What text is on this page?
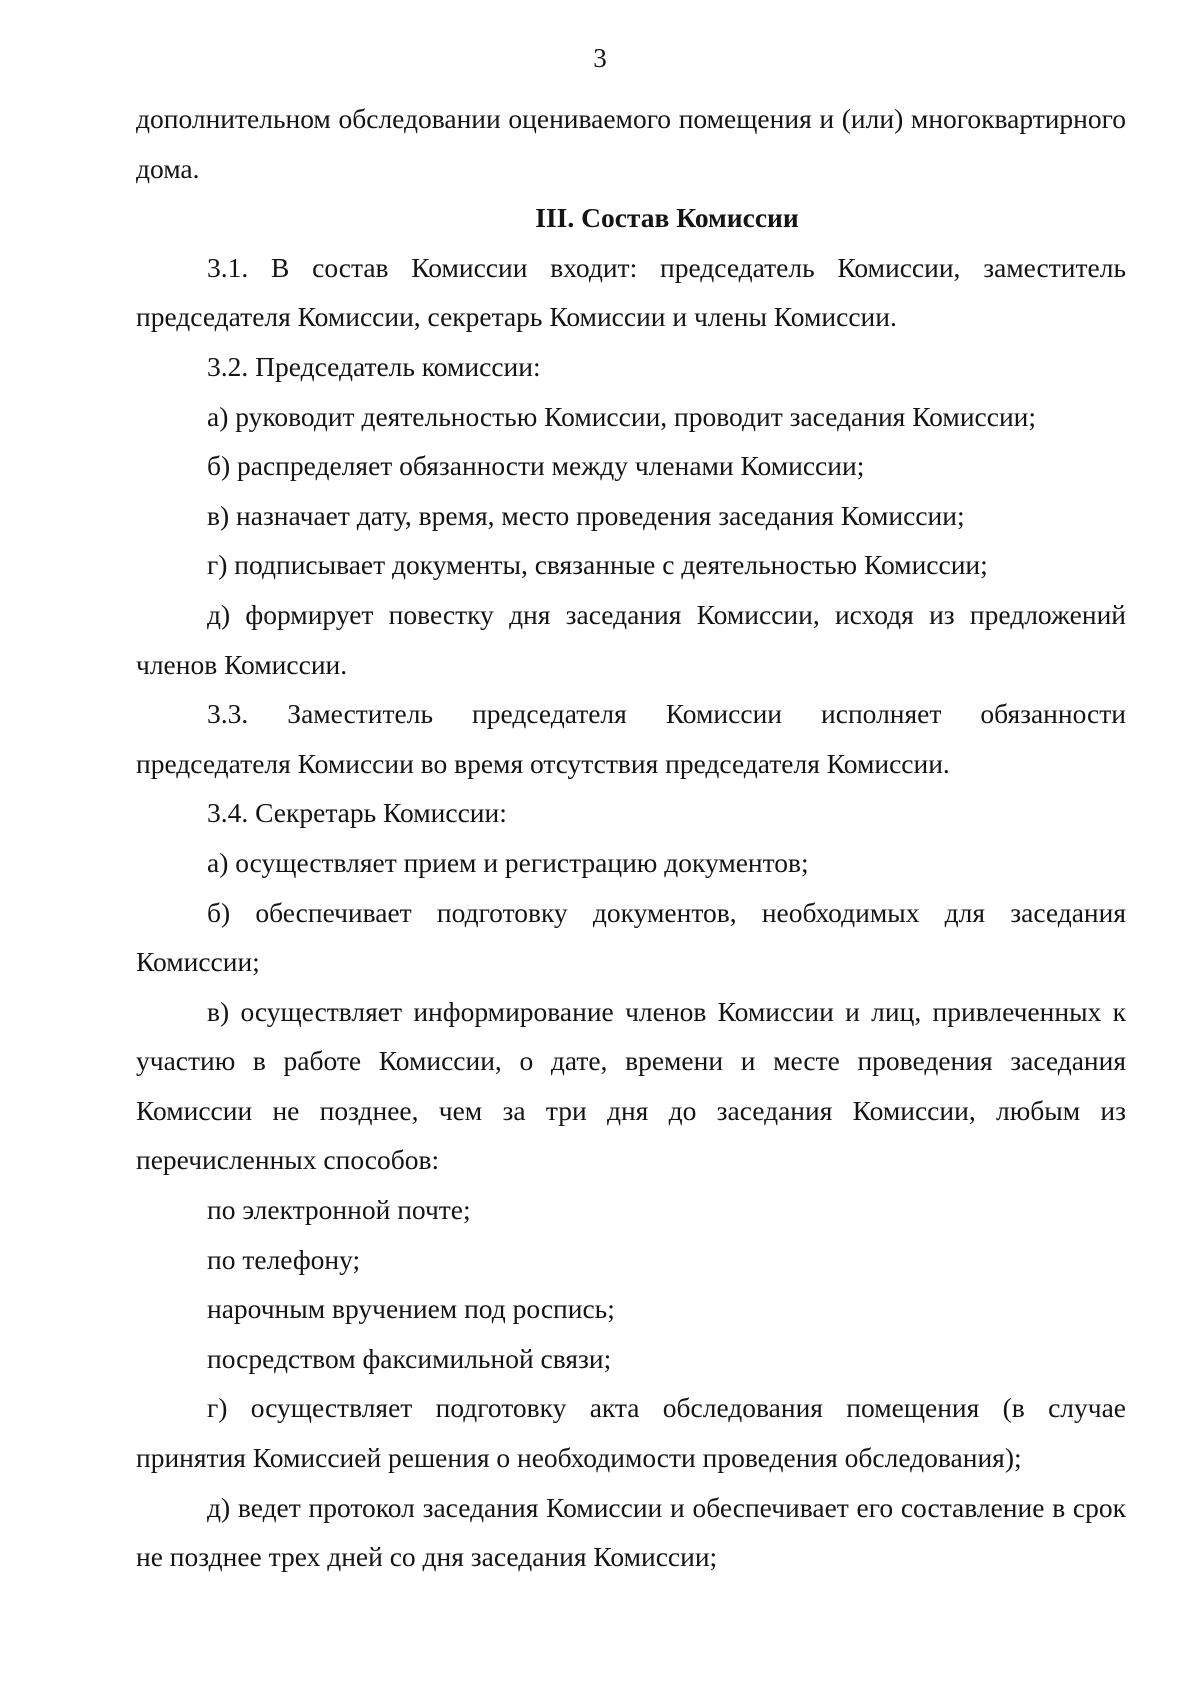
3

дополнительном обследовании оцениваемого помещения и (или) многоквартирного дома.

III. Состав Комиссии

3.1. В состав Комиссии входит: председатель Комиссии, заместитель председателя Комиссии, секретарь Комиссии и члены Комиссии.

3.2. Председатель комиссии:

а) руководит деятельностью Комиссии, проводит заседания Комиссии;

б) распределяет обязанности между членами Комиссии;

в) назначает дату, время, место проведения заседания Комиссии;

г) подписывает документы, связанные с деятельностью Комиссии;

д) формирует повестку дня заседания Комиссии, исходя из предложений членов Комиссии.

3.3. Заместитель председателя Комиссии исполняет обязанности председателя Комиссии во время отсутствия председателя Комиссии.

3.4. Секретарь Комиссии:

а) осуществляет прием и регистрацию документов;

б) обеспечивает подготовку документов, необходимых для заседания Комиссии;

в) осуществляет информирование членов Комиссии и лиц, привлеченных к участию в работе Комиссии, о дате, времени и месте проведения заседания Комиссии не позднее, чем за три дня до заседания Комиссии, любым из перечисленных способов:

по электронной почте;

по телефону;

нарочным вручением под роспись;

посредством факсимильной связи;

г) осуществляет подготовку акта обследования помещения (в случае принятия Комиссией решения о необходимости проведения обследования);

д) ведет протокол заседания Комиссии и обеспечивает его составление в срок не позднее трех дней со дня заседания Комиссии;
